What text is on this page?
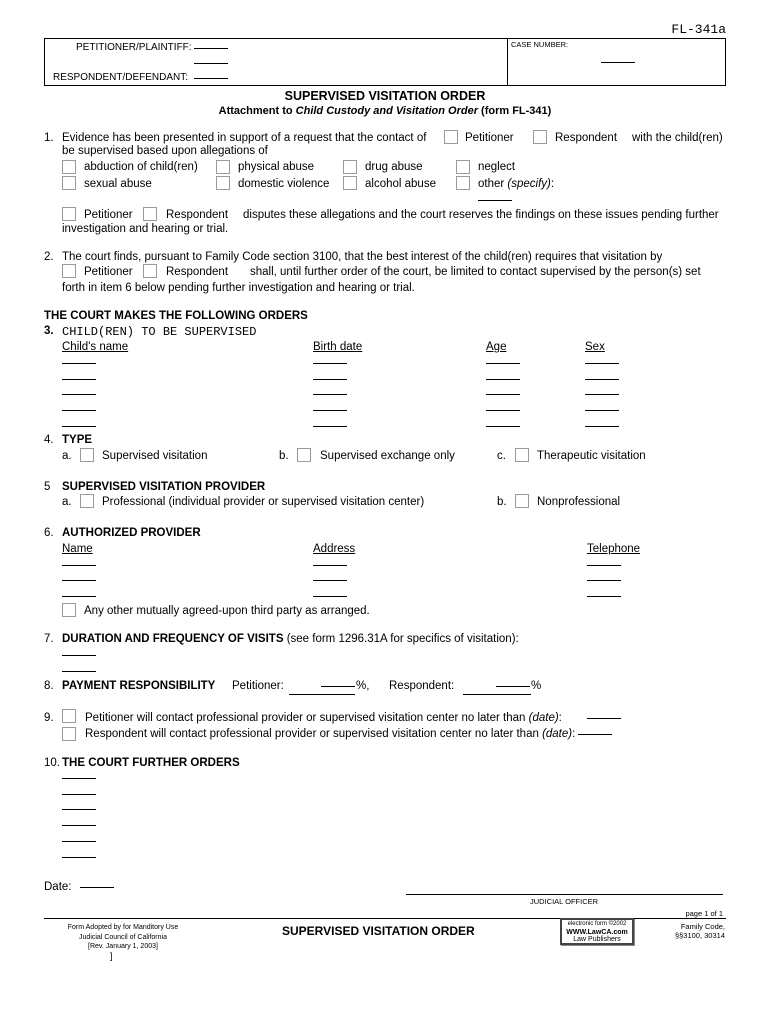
FL-341a
PETITIONER/PLAINTIFF:
RESPONDENT/DEFENDANT:
CASE NUMBER:
SUPERVISED VISITATION ORDER
Attachment to Child Custody and Visitation Order (form FL-341)
1. Evidence has been presented in support of a request that the contact of	Petitioner	Respondent with the child(ren)
be supervised based upon allegations of
abduction of child(ren)	physical abuse	drug abuse	neglect
sexual abuse	domestic violence	alcohol abuse	other (specify):
Petitioner	Respondent disputes these allegations and the court reserves the findings on these issues pending further
investigation and hearing or trial.
2. The court finds, pursuant to Family Code section 3100, that the best interest of the child(ren) requires that visitation by
Petitioner	Respondent shall, until further order of the court, be limited to contact supervised by the person(s) set
forth in item 6 below pending further investigation and hearing or trial.
THE COURT MAKES THE FOLLOWING ORDERS
3. CHILD(REN) TO BE SUPERVISED
Child's name	Birth date	Age	Sex
4. TYPE
a.	Supervised visitation	b.	Supervised exchange only	c.	Therapeutic visitation
5 SUPERVISED VISITATION PROVIDER
a.	Professional (individual provider or supervised visitation center)	b.	Nonprofessional
6. AUTHORIZED PROVIDER
Name	Address	Telephone
Any other mutually agreed-upon third party as arranged.
7. DURATION AND FREQUENCY OF VISITS (see form 1296.31A for specifics of visitation):
8. PAYMENT RESPONSIBILITY Petitioner:	%, Respondent:	%
9.	Petitioner will contact professional provider or supervised visitation center no later than (date):
Respondent will contact professional provider or supervised visitation center no later than (date):
10. THE COURT FURTHER ORDERS
Date:
JUDICIAL OFFICER
page 1 of 1
Form Adopted by for Manditory Use
Judicial Council of California
[Rev. January 1, 2003]
]
SUPERVISED VISITATION ORDER	electronic form ©2002
WWW.LawCA.com
Law Publishers
Family Code,
§§3100, 30314
